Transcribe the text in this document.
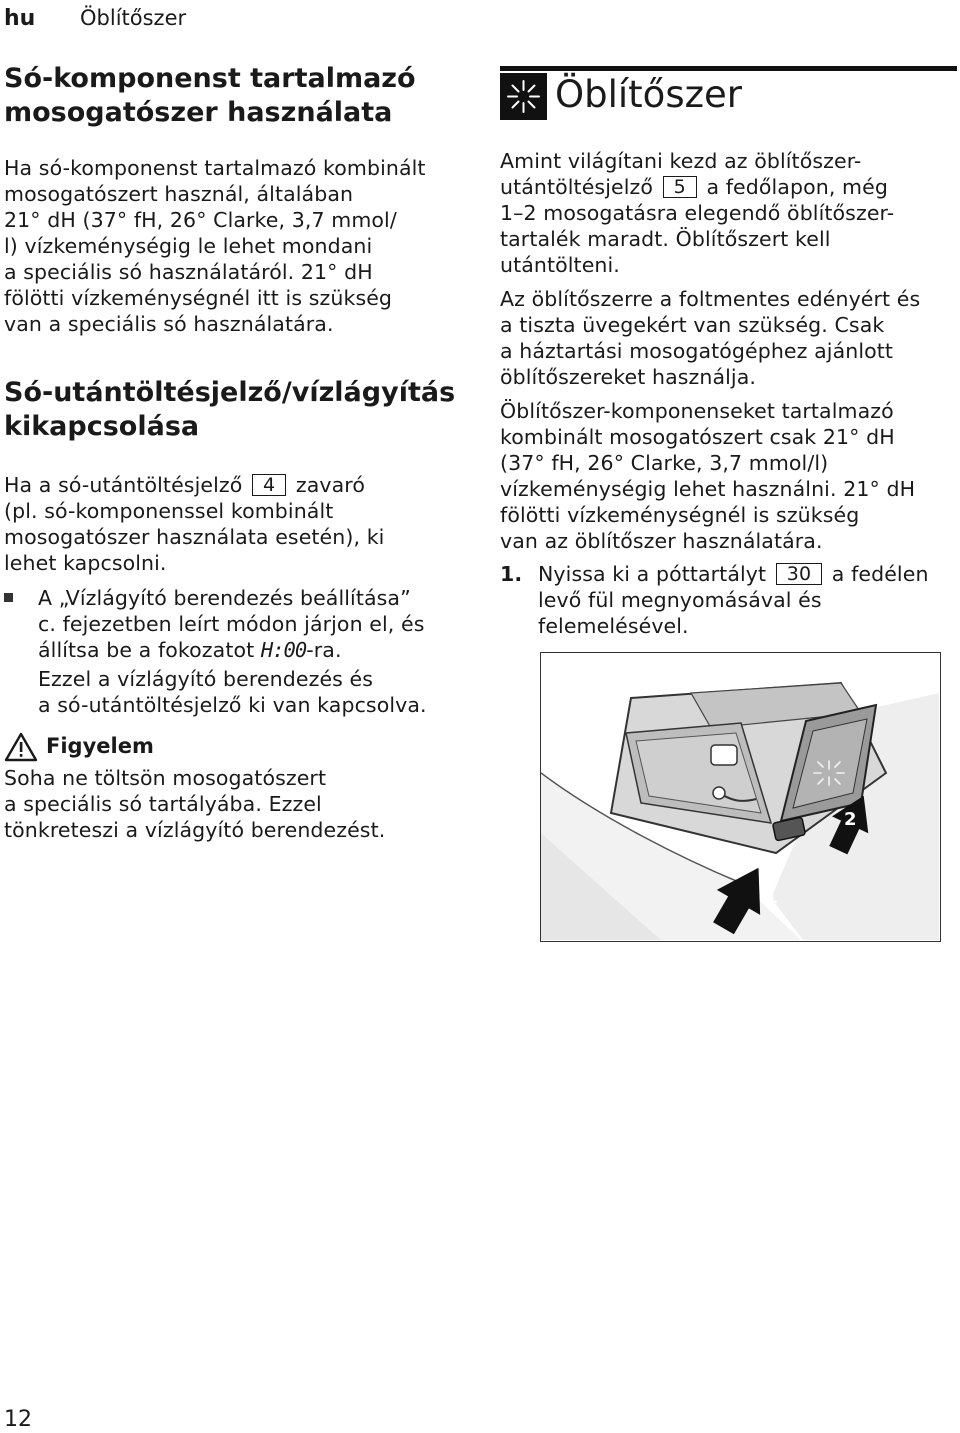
hu Öblítőszer

Só-komponenst tartalmazó

mosogatószer használata

Ha só-komponenst tartalmazó kombinált

mosogatószert használ, általában

21° dH (37° fH, 26° Clarke, 3,7 mmol/

l) vízkeménységig le lehet mondani

a speciális só használatáról. 21° dH

fölötti vízkeménységnél itt is szükség

van a speciális só használatára.

Só-utántöltésjelző/vízlágyítás

kikapcsolása

Ha a só-utántöltésjelző 4 zavaró

(pl. só-komponenssel kombinált

mosogatószer használata esetén), ki

lehet kapcsolni.

A „Vízlágyító berendezés beállítása”

c. fejezetben leírt módon járjon el, és

állítsa be a fokozatot H:00-ra.

Ezzel a vízlágyító berendezés és

a só-utántöltésjelző ki van kapcsolva.

Figyelem

Soha ne töltsön mosogatószert

a speciális só tartályába. Ezzel

tönkreteszi a vízlágyító berendezést.

Öblítőszer

Amint világítani kezd az öblítőszer-

utántöltésjelző 5 a fedőlapon, még

1–2 mosogatásra elegendő öblítőszer-

tartalék maradt. Öblítőszert kell

utántölteni.

Az öblítőszerre a foltmentes edényért és

a tiszta üvegekért van szükség. Csak

a háztartási mosogatógéphez ajánlott

öblítőszereket használja.

Öblítőszer-komponenseket tartalmazó

kombinált mosogatószert csak 21° dH

(37° fH, 26° Clarke, 3,7 mmol/l)

vízkeménységig lehet használni. 21° dH

fölötti vízkeménységnél is szükség

van az öblítőszer használatára.

1. Nyissa ki a póttartályt 30 a fedélen

levő fül megnyomásával és

felemelésével.

1
2
12
